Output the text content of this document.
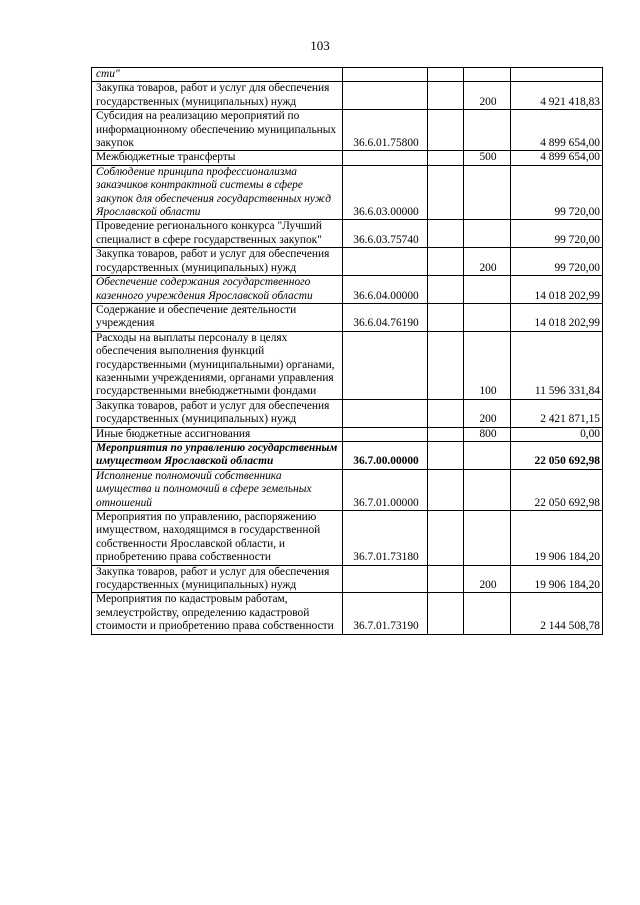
103
сти"				
Закупка товаров, работ и услуг для обеспечения государственных (муниципальных) нужд			200	4 921 418,83
Субсидия на реализацию мероприятий по информационному обеспечению муниципальных закупок	36.6.01.75800			4 899 654,00
Межбюджетные трансферты			500	4 899 654,00
Соблюдение принципа профессионализма заказчиков контрактной системы в сфере закупок для обеспечения государственных нужд Ярославской области	36.6.03.00000			99 720,00
Проведение регионального конкурса "Лучший специалист в сфере государственных закупок"	36.6.03.75740			99 720,00
Закупка товаров, работ и услуг для обеспечения государственных (муниципальных) нужд			200	99 720,00
Обеспечение содержания государственного казенного учреждения Ярославской области	36.6.04.00000			14 018 202,99
Содержание и обеспечение деятельности учреждения	36.6.04.76190			14 018 202,99
Расходы на выплаты персоналу в целях обеспечения выполнения функций государственными (муниципальными) органами, казенными учреждениями, органами управления государственными внебюджетными фондами			100	11 596 331,84
Закупка товаров, работ и услуг для обеспечения государственных (муниципальных) нужд			200	2 421 871,15
Иные бюджетные ассигнования			800	0,00
Мероприятия по управлению государственным имуществом Ярославской области	36.7.00.00000			22 050 692,98
Исполнение полномочий собственника имущества и полномочий в сфере земельных отношений	36.7.01.00000			22 050 692,98
Мероприятия по управлению, распоряжению имуществом, находящимся в государственной собственности Ярославской области, и приобретению права собственности	36.7.01.73180			19 906 184,20
Закупка товаров, работ и услуг для обеспечения государственных (муниципальных) нужд			200	19 906 184,20
Мероприятия по кадастровым работам, землеустройству, определению кадастровой стоимости и приобретению права собственности	36.7.01.73190			2 144 508,78
